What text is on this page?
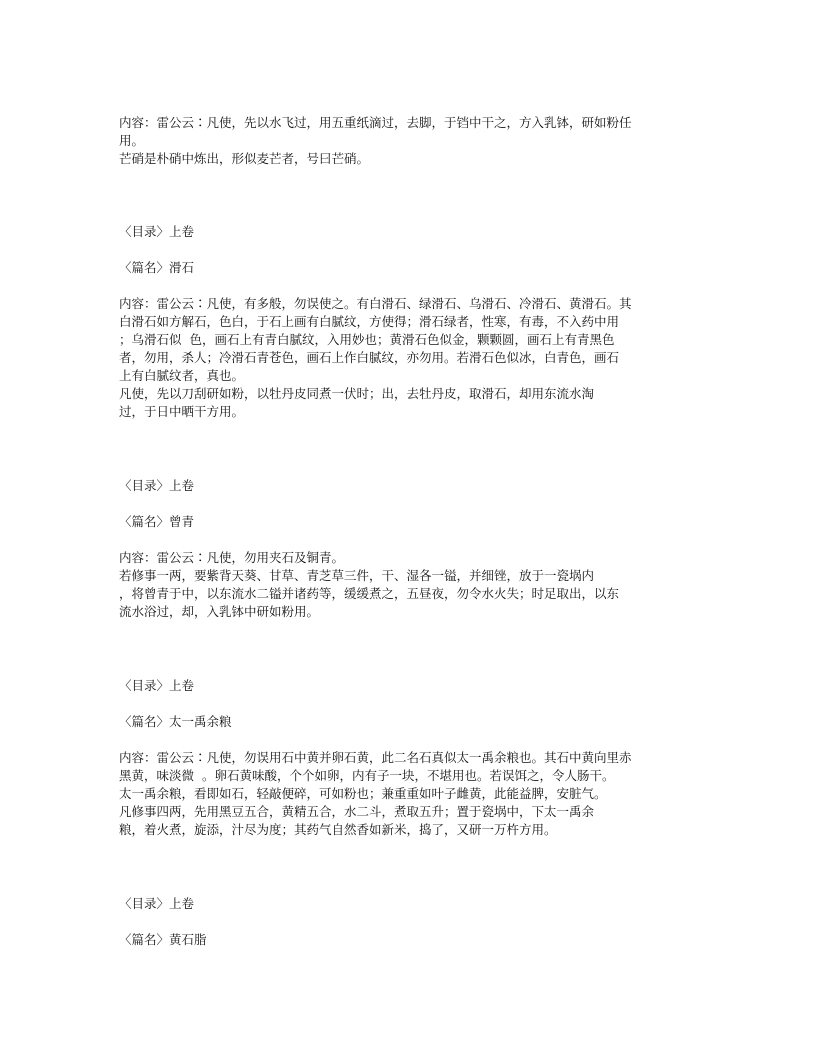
内容：雷公云∶凡使，先以水飞过，用五重纸滴过，去脚，于铛中干之，方入乳钵，研如粉任

用。

芒硝是朴硝中炼出，形似麦芒者，号曰芒硝。

〈目录〉上卷

〈篇名〉滑石

内容：雷公云∶凡使，有多般，勿误使之。有白滑石、绿滑石、乌滑石、冷滑石、黄滑石。其

白滑石如方解石，色白，于石上画有白腻纹，方使得；滑石绿者，性寒，有毒，不入药中用

；乌滑石似  色，画石上有青白腻纹，入用妙也；黄滑石色似金，颗颗圆，画石上有青黑色

者，勿用，杀人；冷滑石青苍色，画石上作白腻纹，亦勿用。若滑石色似冰，白青色，画石

上有白腻纹者，真也。

凡使，先以刀刮研如粉，以牡丹皮同煮一伏时；出，去牡丹皮，取滑石，却用东流水淘

过，于日中晒干方用。

〈目录〉上卷

〈篇名〉曾青

内容：雷公云∶凡使，勿用夹石及铜青。

若修事一两，要紫背天葵、甘草、青芝草三件，干、湿各一镒，并细锉，放于一瓷埚内

，将曾青于中，以东流水二镒并诸药等，缓缓煮之，五昼夜，勿令水火失；时足取出，以东

流水浴过，却，入乳钵中研如粉用。

〈目录〉上卷

〈篇名〉太一禹余粮

内容：雷公云∶凡使，勿误用石中黄并卵石黄，此二名石真似太一禹余粮也。其石中黄向里赤

黑黄，味淡微  。卵石黄味酸，个个如卵，内有子一块，不堪用也。若误饵之，令人肠干。

太一禹余粮，看即如石，轻敲便碎，可如粉也；兼重重如叶子雌黄，此能益脾，安脏气。

凡修事四两，先用黑豆五合，黄精五合，水二斗，煮取五升；置于瓷埚中，下太一禹余

粮，着火煮，旋添，汁尽为度；其药气自然香如新米，捣了，又研一万杵方用。

〈目录〉上卷

〈篇名〉黄石脂
